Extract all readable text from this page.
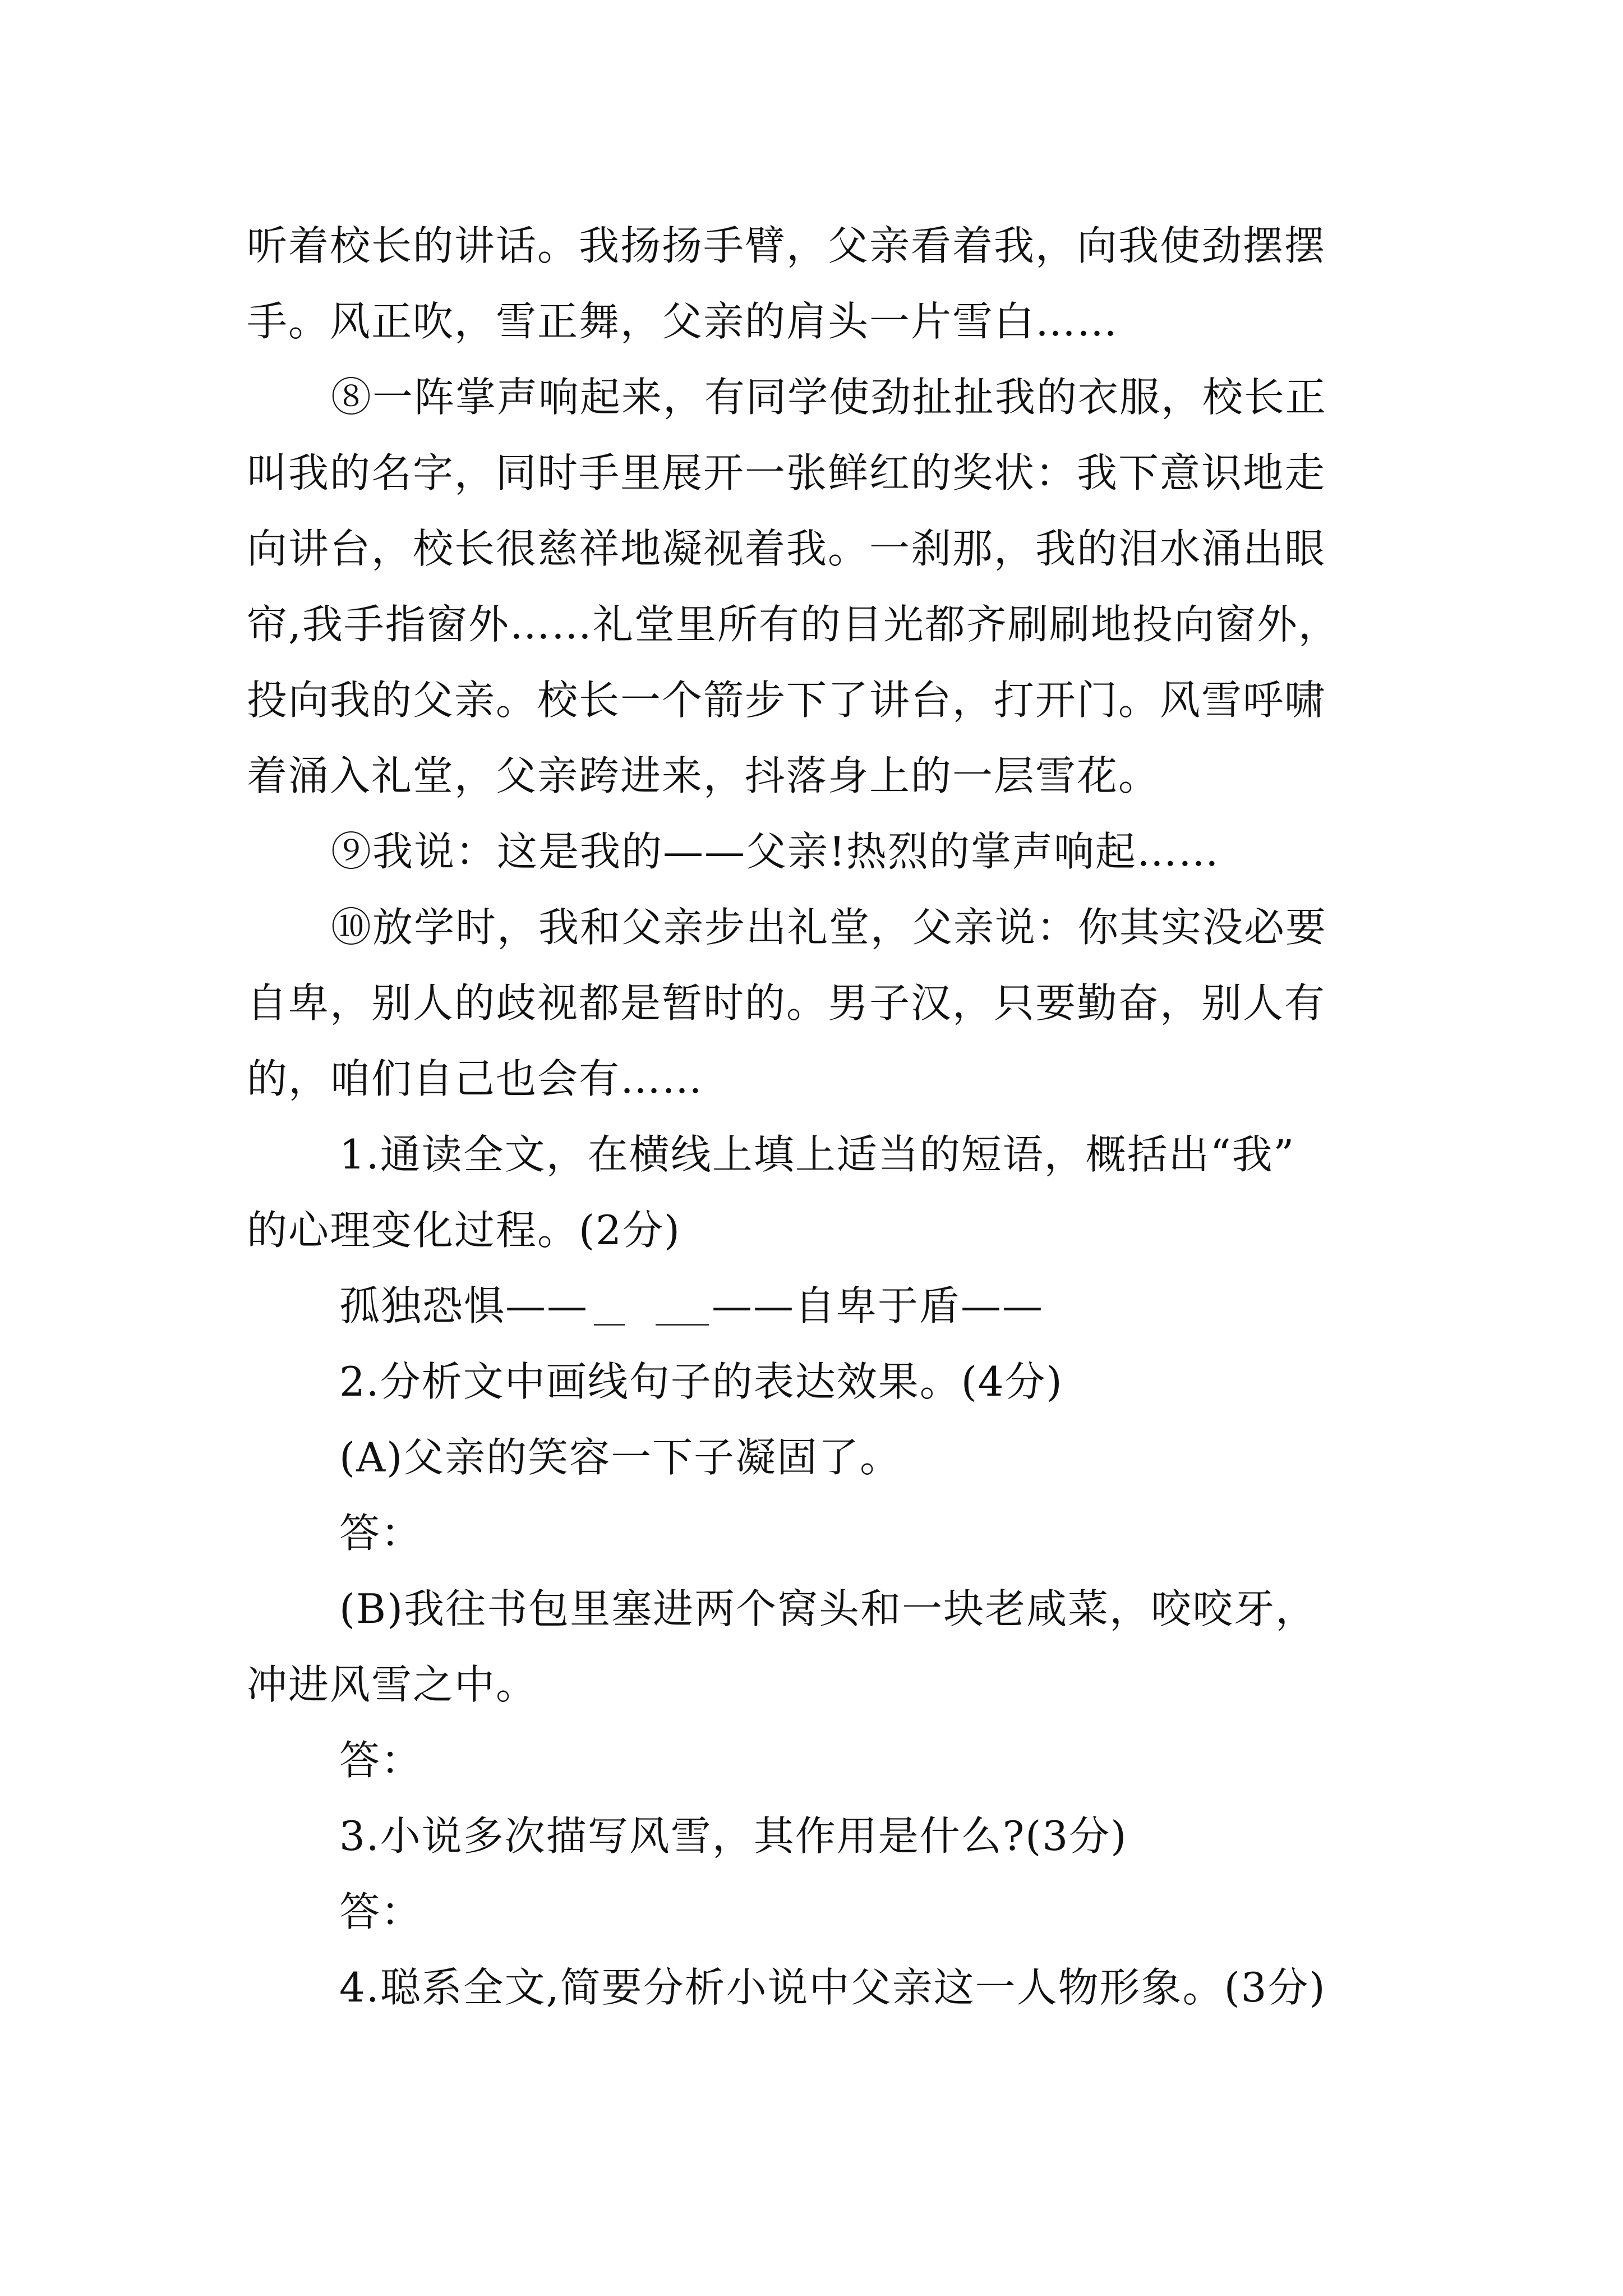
听着校长的讲话。我扬扬手臂，父亲看着我，向我使劲摆摆
手。风正吹，雪正舞，父亲的肩头一片雪白……
⑧一阵掌声响起来，有同学使劲扯扯我的衣服，校长正
叫我的名字，同时手里展开一张鲜红的奖状：我下意识地走
向讲台，校长很慈祥地凝视着我。一刹那，我的泪水涌出眼
帘,我手指窗外……礼堂里所有的目光都齐刷刷地投向窗外，
投向我的父亲。校长一个箭步下了讲台，打开门。风雪呼啸
着涌入礼堂，父亲跨进来，抖落身上的一层雪花。
⑨我说：这是我的——父亲!热烈的掌声响起……
⑩放学时，我和父亲步出礼堂，父亲说：你其实没必要
自卑，别人的歧视都是暂时的。男子汉，只要勤奋，别人有
的，咱们自己也会有……
1.通读全文，在横线上填上适当的短语，概括出“我”
的心理变化过程。(2分)
孤独恐惧——	——自卑于盾——
2.分析文中画线句子的表达效果。(4分)
(A)父亲的笑容一下子凝固了。
答：
(B)我往书包里塞进两个窝头和一块老咸菜，咬咬牙，
冲进风雪之中。
答：
3.小说多次描写风雪，其作用是什么?(3分)
答：
4.聪系全文,简要分析小说中父亲这一人物形象。(3分)
